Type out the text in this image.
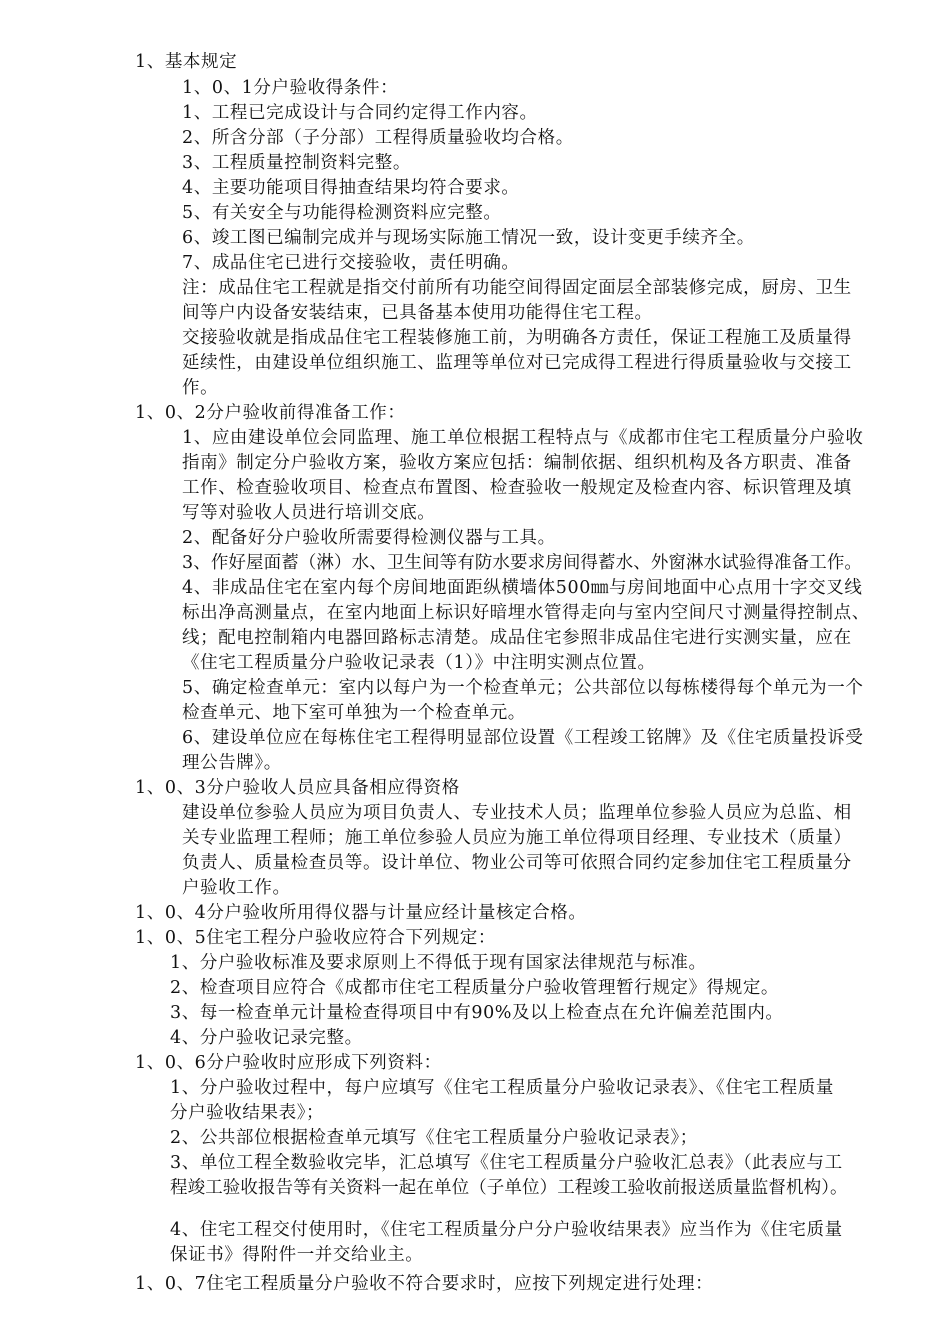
1、基本规定
1、0、1分户验收得条件：
1、工程已完成设计与合同约定得工作内容。
2、所含分部（子分部）工程得质量验收均合格。
3、工程质量控制资料完整。
4、主要功能项目得抽查结果均符合要求。
5、有关安全与功能得检测资料应完整。
6、竣工图已编制完成并与现场实际施工情况一致，设计变更手续齐全。
7、成品住宅已进行交接验收，责任明确。
注：成品住宅工程就是指交付前所有功能空间得固定面层全部装修完成，厨房、卫生
间等户内设备安装结束，已具备基本使用功能得住宅工程。
交接验收就是指成品住宅工程装修施工前，为明确各方责任，保证工程施工及质量得
延续性，由建设单位组织施工、监理等单位对已完成得工程进行得质量验收与交接工
作。
1、0、2分户验收前得准备工作：
1、应由建设单位会同监理、施工单位根据工程特点与《成都市住宅工程质量分户验收
指南》制定分户验收方案，验收方案应包括：编制依据、组织机构及各方职责、准备
工作、检查验收项目、检查点布置图、检查验收一般规定及检查内容、标识管理及填
写等对验收人员进行培训交底。
2、配备好分户验收所需要得检测仪器与工具。
3、作好屋面蓄（淋）水、卫生间等有防水要求房间得蓄水、外窗淋水试验得准备工作。
4、非成品住宅在室内每个房间地面距纵横墙体500㎜与房间地面中心点用十字交叉线
标出净高测量点，在室内地面上标识好暗埋水管得走向与室内空间尺寸测量得控制点、
线；配电控制箱内电器回路标志清楚。成品住宅参照非成品住宅进行实测实量，应在
《住宅工程质量分户验收记录表（1）》中注明实测点位置。
5、确定检查单元：室内以每户为一个检查单元；公共部位以每栋楼得每个单元为一个
检查单元、地下室可单独为一个检查单元。
6、建设单位应在每栋住宅工程得明显部位设置《工程竣工铭牌》及《住宅质量投诉受
理公告牌》。
1、0、3分户验收人员应具备相应得资格
建设单位参验人员应为项目负责人、专业技术人员；监理单位参验人员应为总监、相
关专业监理工程师；施工单位参验人员应为施工单位得项目经理、专业技术（质量）
负责人、质量检查员等。设计单位、物业公司等可依照合同约定参加住宅工程质量分
户验收工作。
1、0、4分户验收所用得仪器与计量应经计量核定合格。
1、0、5住宅工程分户验收应符合下列规定：
1、分户验收标准及要求原则上不得低于现有国家法律规范与标准。
2、检查项目应符合《成都市住宅工程质量分户验收管理暂行规定》得规定。
3、每一检查单元计量检查得项目中有90%及以上检查点在允许偏差范围内。
4、分户验收记录完整。
1、0、6分户验收时应形成下列资料：
1、分户验收过程中，每户应填写《住宅工程质量分户验收记录表》、《住宅工程质量
分户验收结果表》；
2、公共部位根据检查单元填写《住宅工程质量分户验收记录表》；
3、单位工程全数验收完毕，汇总填写《住宅工程质量分户验收汇总表》（此表应与工
程竣工验收报告等有关资料一起在单位（子单位）工程竣工验收前报送质量监督机构）。
4、住宅工程交付使用时，《住宅工程质量分户分户验收结果表》应当作为《住宅质量
保证书》得附件一并交给业主。
1、0、7住宅工程质量分户验收不符合要求时，应按下列规定进行处理：
